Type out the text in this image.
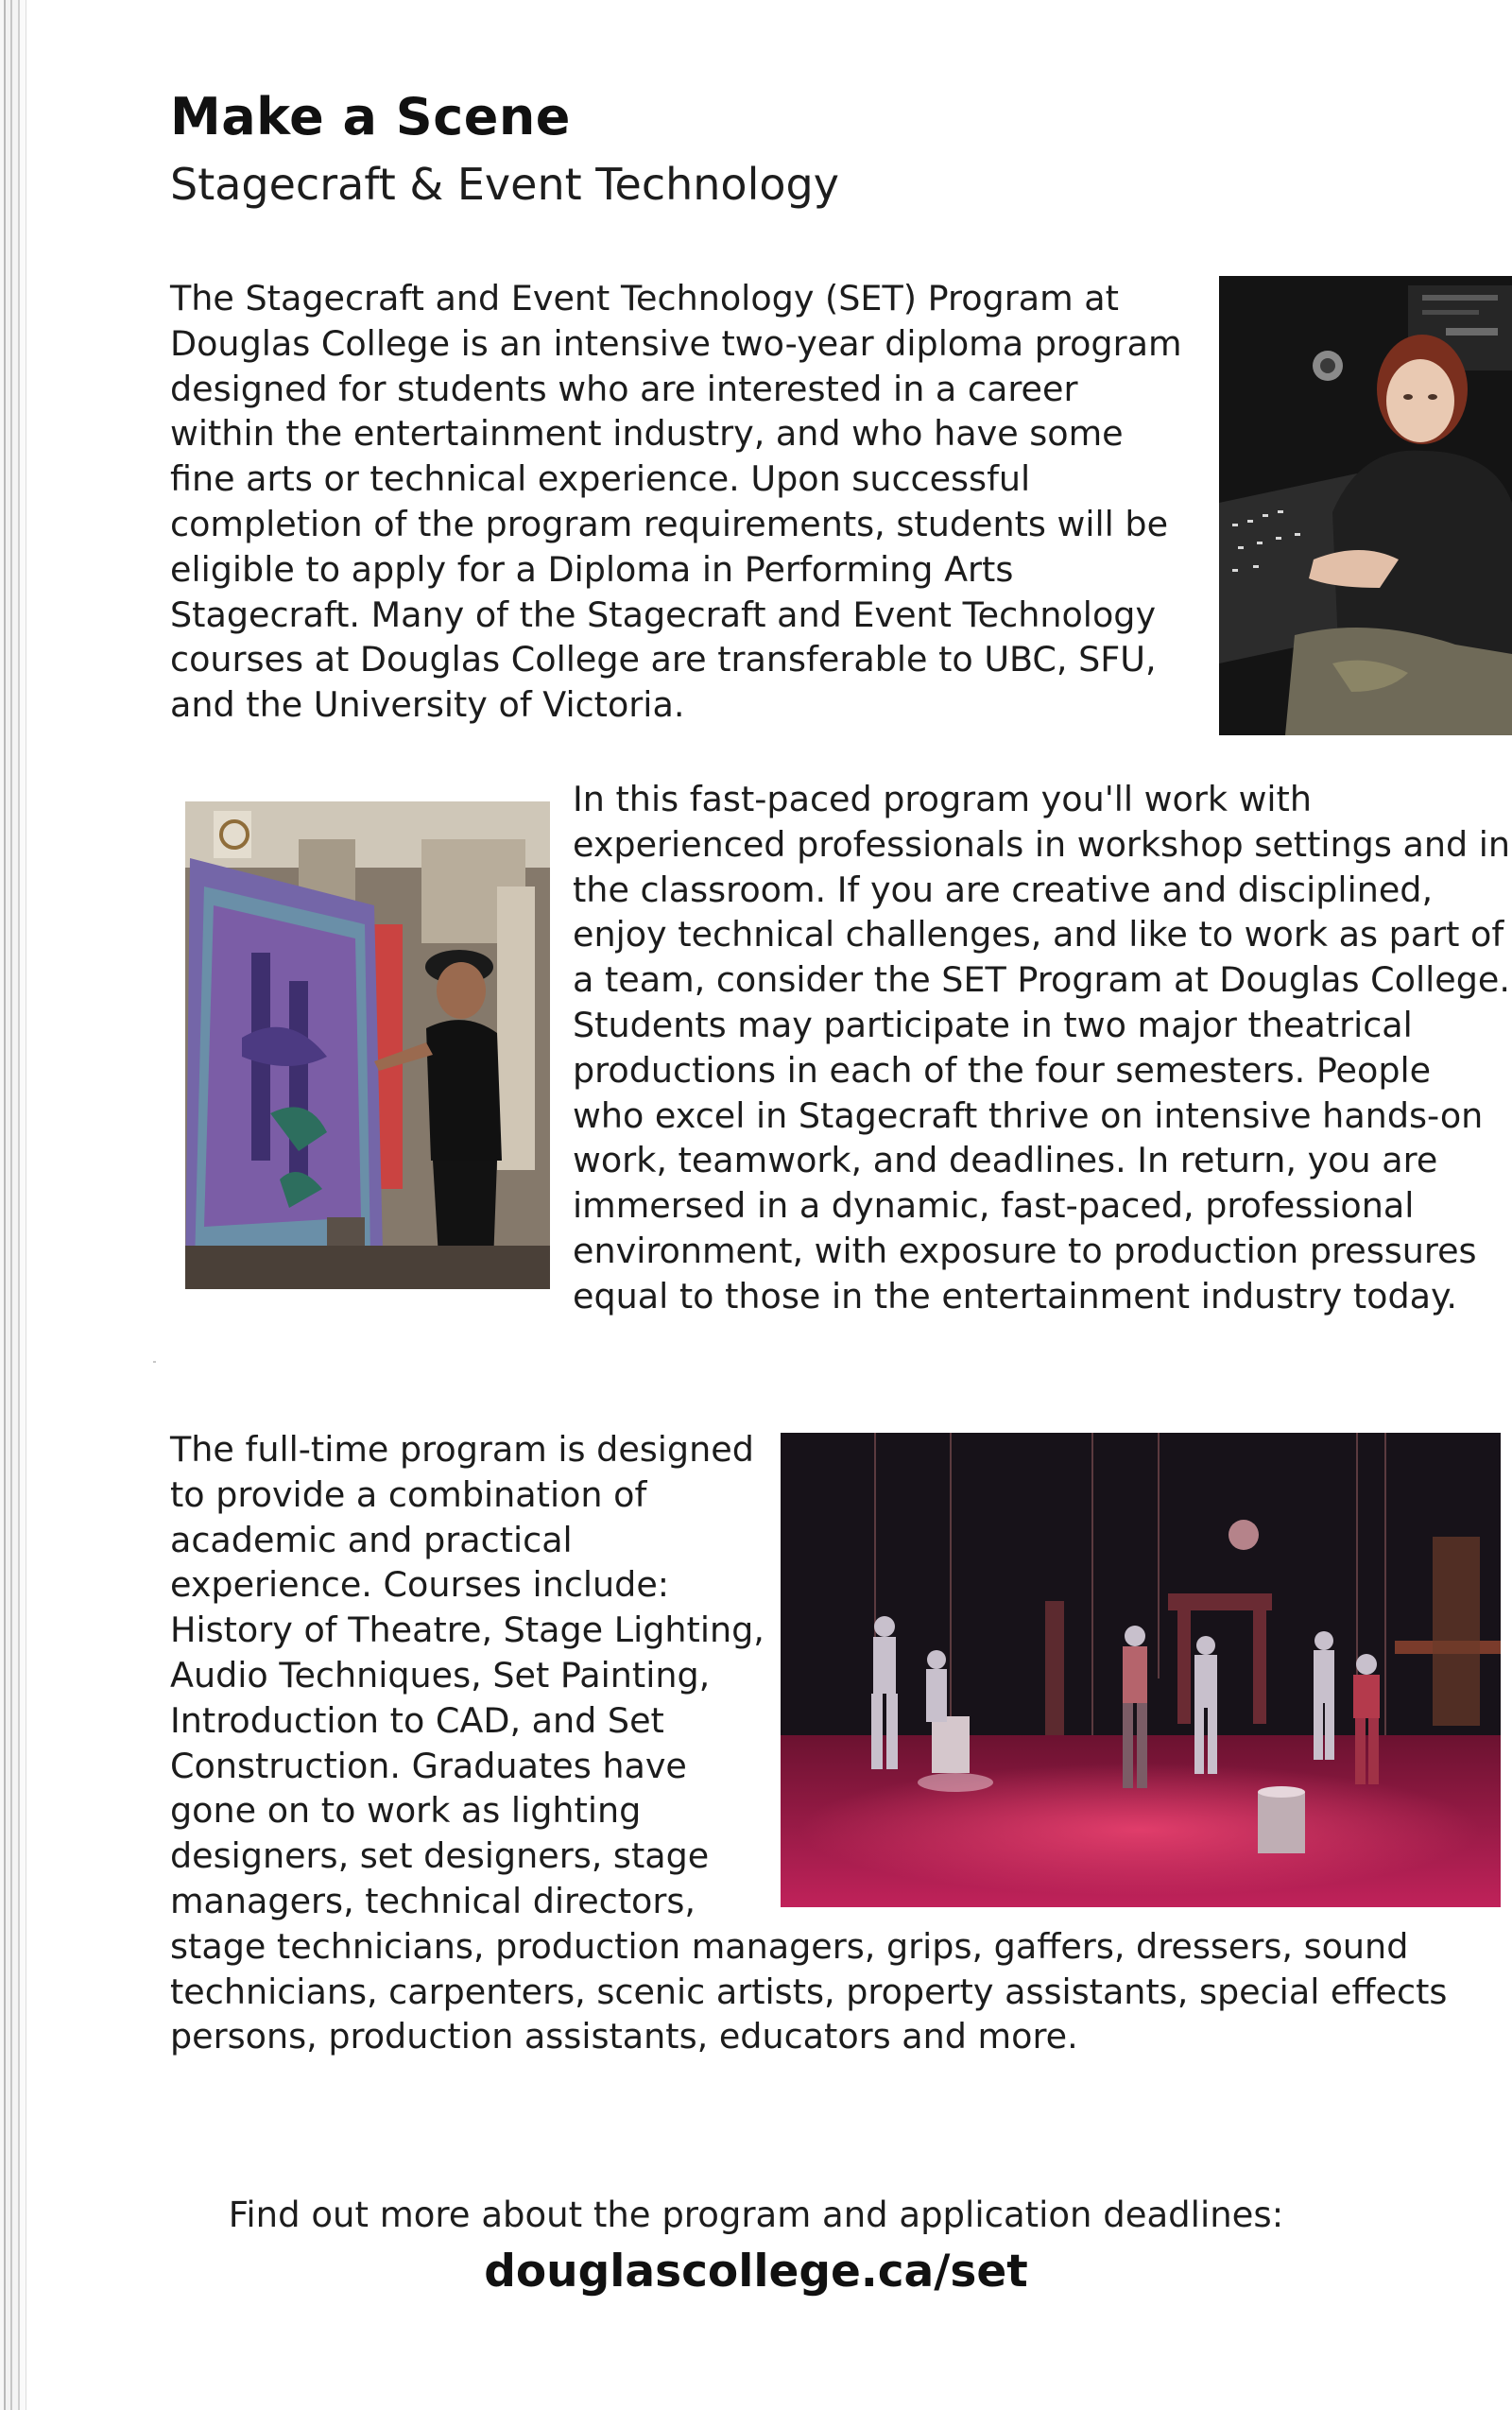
Make a Scene
Stagecraft & Event Technology

The Stagecraft and Event Technology (SET) Program at Douglas College is an intensive two-year diploma program designed for students who are interested in a career within the entertainment industry, and who have some fine arts or technical experience. Upon successful completion of the program requirements, students will be eligible to apply for a Diploma in Performing Arts Stagecraft. Many of the Stagecraft and Event Technology courses at Douglas College are transferable to UBC, SFU, and the University of Victoria.

In this fast-paced program you'll work with experienced professionals in workshop settings and in the classroom. If you are creative and disciplined, enjoy technical challenges, and like to work as part of a team, consider the SET Program at Douglas College. Students may participate in two major theatrical productions in each of the four semesters. People who excel in Stagecraft thrive on intensive hands-on work, teamwork, and deadlines. In return, you are immersed in a dynamic, fast-paced, professional environment, with exposure to production pressures equal to those in the entertainment industry today.

The full-time program is designed to provide a combination of academic and practical experience. Courses include: History of Theatre, Stage Lighting, Audio Techniques, Set Painting, Introduction to CAD, and Set Construction. Graduates have gone on to work as lighting designers, set designers, stage managers, technical directors, stage technicians, production managers, grips, gaffers, dressers, sound technicians, carpenters, scenic artists, property assistants, special effects persons, production assistants, educators and more.

Find out more about the program and application deadlines:

douglascollege.ca/set
